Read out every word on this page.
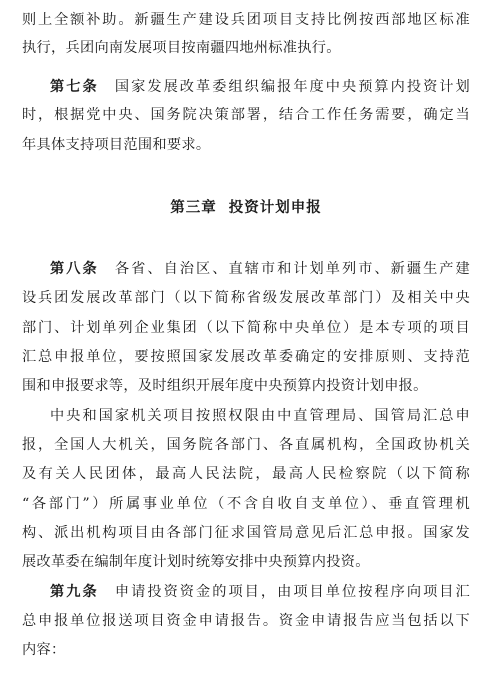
则上全额补助。新疆生产建设兵团项目支持比例按西部地区标准
执行，兵团向南发展项目按南疆四地州标准执行。
第七条　 国家发展改革委组织编报年度中央预算内投资计划
时，根据党中央、国务院决策部署，结合工作任务需要，确定当
年具体支持项目范围和要求。
第三章 投资计划申报
第八条　 各省、自治区、直辖市和计划单列市、新疆生产建
设兵团发展改革部门（以下简称省级发展改革部门）及相关中央
部门、计划单列企业集团（以下简称中央单位）是本专项的项目
汇总申报单位，要按照国家发展改革委确定的安排原则、支持范
围和申报要求等，及时组织开展年度中央预算内投资计划申报。
中央和国家机关项目按照权限由中直管理局、国管局汇总申
报，全国人大机关，国务院各部门、各直属机构，全国政协机关
及有关人民团体，最高人民法院，最高人民检察院（以下简称
“各部门”）所属事业单位（不含自收自支单位）、垂直管理机
构、派出机构项目由各部门征求国管局意见后汇总申报。国家发
展改革委在编制年度计划时统筹安排中央预算内投资。
第九条　 申请投资资金的项目，由项目单位按程序向项目汇
总申报单位报送项目资金申请报告。资金申请报告应当包括以下
内容：
